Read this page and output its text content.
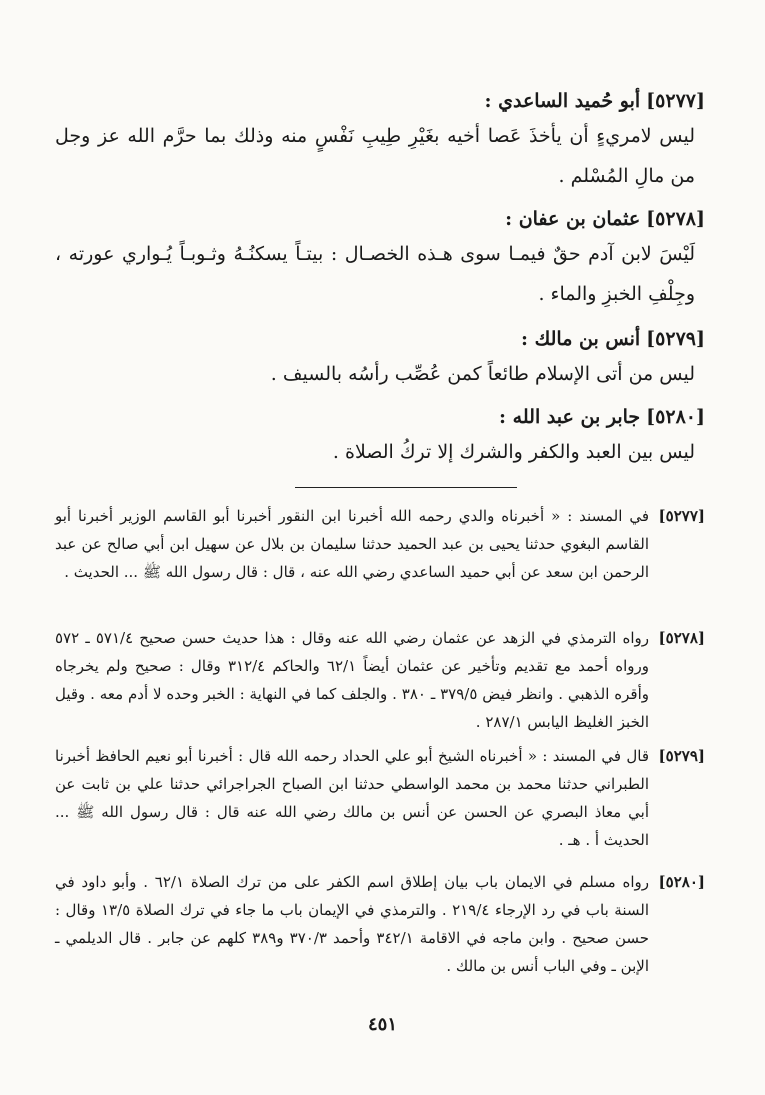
[٥٢٧٧]أبو حُميد الساعدي :
ليس لامريءٍ أن يأخذَ عَصا أخيه بغَيْرِ طِيبِ نَفْسٍ منه وذلك بما حرَّم الله عز وجل من مالِ المُسْلم .
[٥٢٧٨]عثمان بن عفان :
لَيْسَ لابن آدم حقٌ فيمـا سوى هـذه الخصـال : بيتـاً يسكنُـهُ وثـوبـاً يُـواري عورته ، وجِلْفِ الخبزِ والماء .
[٥٢٧٩]أنس بن مالك :
ليس من أتى الإسلام طائعاً كمن عُصِّب رأسُه بالسيف .
[٥٢٨٠]جابر بن عبد الله :
ليس بين العبد والكفر والشرك إلا تركُ الصلاة .
[٥٢٧٧]
في المسند : « أخبرناه والدي رحمه الله أخبرنا ابن النقور أخبرنا أبو القاسم الوزير أخبرنا أبو القاسم البغوي حدثنا يحيى بن عبد الحميد حدثنا سليمان بن بلال عن سهيل ابن أبي صالح عن عبد الرحمن ابن سعد عن أبي حميد الساعدي رضي الله عنه ، قال : قال رسول الله ﷺ ... الحديث .
[٥٢٧٨]
رواه الترمذي في الزهد عن عثمان رضي الله عنه وقال : هذا حديث حسن صحيح ٥٧١/٤ ـ ٥٧٢ ورواه أحمد مع تقديم وتأخير عن عثمان أيضاً ٦٢/١ والحاكم ٣١٢/٤ وقال : صحيح ولم يخرجاه وأقره الذهبي . وانظر فيض ٣٧٩/٥ ـ ٣٨٠ . والجلف كما في النهاية : الخبر وحده لا أدم معه . وقيل الخبز الغليظ اليابس ٢٨٧/١ .
[٥٢٧٩]
قال في المسند : « أخبرناه الشيخ أبو علي الحداد رحمه الله قال : أخبرنا أبو نعيم الحافظ أخبرنا الطبراني حدثنا محمد بن محمد الواسطي حدثنا ابن الصباح الجراجرائي حدثنا علي بن ثابت عن أبي معاذ البصري عن الحسن عن أنس بن مالك رضي الله عنه قال : قال رسول الله ﷺ ... الحديث أ . هـ .
[٥٢٨٠]
رواه مسلم في الايمان باب بيان إطلاق اسم الكفر على من ترك الصلاة ٦٢/١ . وأبو داود في السنة باب في رد الإرجاء ٢١٩/٤ . والترمذي في الإيمان باب ما جاء في ترك الصلاة ١٣/٥ وقال : حسن صحيح . وابن ماجه في الاقامة ٣٤٢/١ وأحمد ٣٧٠/٣ و٣٨٩ كلهم عن جابر . قال الديلمي ـ الإبن ـ وفي الباب أنس بن مالك .
٤٥١
